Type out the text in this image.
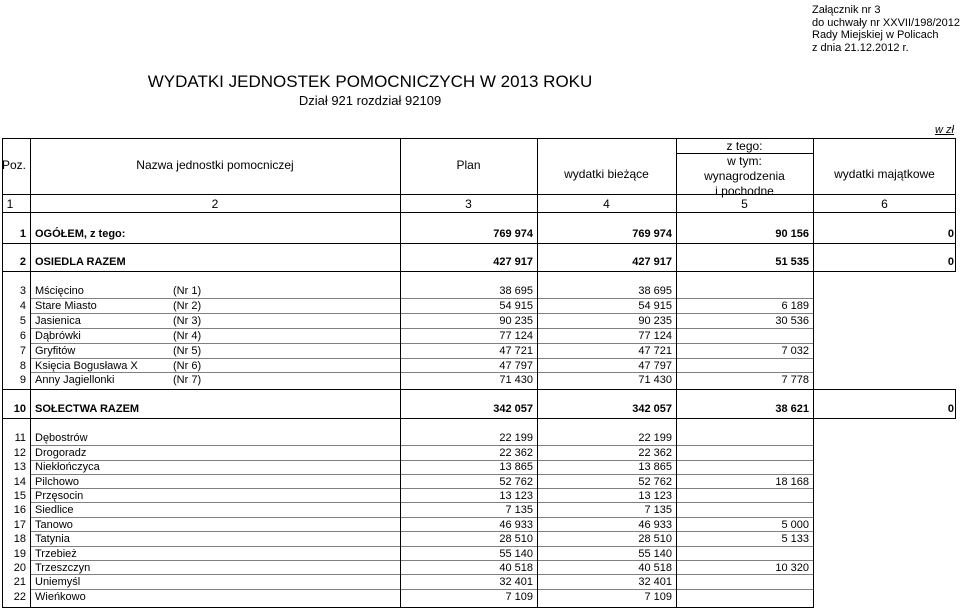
Załącznik nr 3
do uchwały nr XXVII/198/2012
Rady Miejskiej w Policach
z dnia 21.12.2012 r.
WYDATKI JEDNOSTEK POMOCNICZYCH W 2013 ROKU
Dział 921 rozdział 92109
w zł
Poz.	Nazwa jednostki pomocniczej	Plan
z tego:
wydatki bieżące
w tym:
wynagrodzenia
i pochodne
wydatki majątkowe
1	2	3	4	5	6
1 OGÓŁEM, z tego:	769 974	769 974	90 156	0
2 OSIEDLA RAZEM	427 917	427 917	51 535	0
3 Mścięcino	(Nr 1)	38 695	38 695
4 Stare Miasto	(Nr 2)	54 915	54 915	6 189
5 Jasienica	(Nr 3)	90 235	90 235	30 536
6 Dąbrówki	(Nr 4)	77 124	77 124
7 Gryfitów	(Nr 5)	47 721	47 721	7 032
8 Księcia Bogusława X	(Nr 6)	47 797	47 797
9 Anny Jagiellonki	(Nr 7)	71 430	71 430	7 778
10 SOŁECTWA RAZEM	342 057	342 057	38 621	0
11 Dębostrów	22 199	22 199
12 Drogoradz	22 362	22 362
13 Niekłończyca	13 865	13 865
14 Pilchowo	52 762	52 762	18 168
15 Przęsocin	13 123	13 123
16 Siedlice	7 135	7 135
17 Tanowo	46 933	46 933	5 000
18 Tatynia	28 510	28 510	5 133
19 Trzebież	55 140	55 140
20 Trzeszczyn	40 518	40 518	10 320
21 Uniemyśl	32 401	32 401
22 Wieńkowo	7 109	7 109
